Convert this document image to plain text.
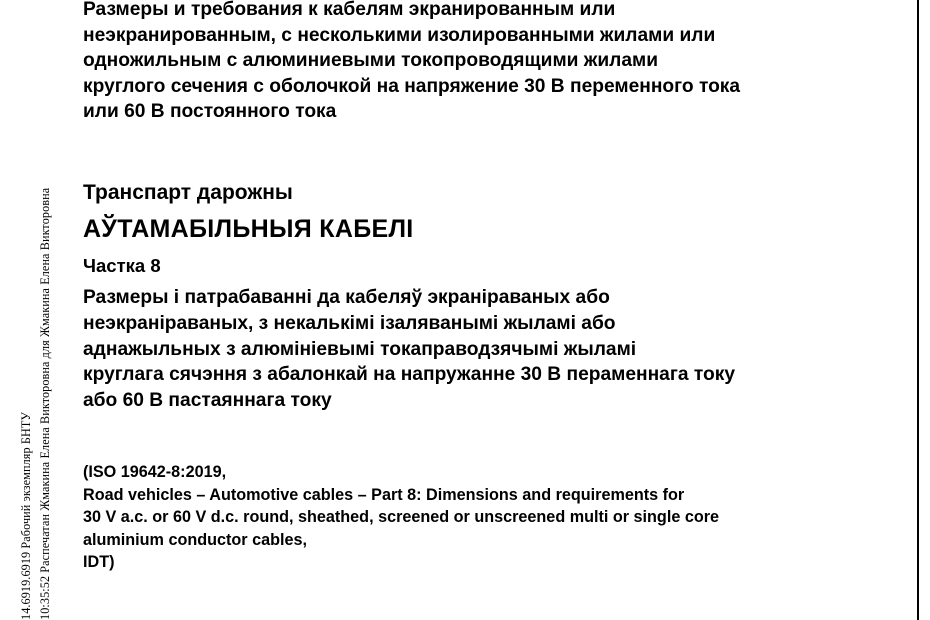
14.6919.6919 Рабочий экземпляр БНТУ 10:35:52 Распечатан Жмакина Елена Викторовна для Жмакина Елена Викторовна
Размеры и требования к кабелям экранированным или
неэкранированным, с несколькими изолированными жилами или
одножильным с алюминиевыми токопроводящими жилами
круглого сечения с оболочкой на напряжение 30 В переменного тока
или 60 В постоянного тока
Транспарт дарожны
АЎТАМАБІЛЬНЫЯ КАБЕЛІ
Частка 8
Размеры і патрабаванні да кабеляў экраніраваных або
неэкраніраваных, з некалькімі ізаляванымі жыламі або
аднажыльных з алюмініевымі токаправодзячымі жыламі
круглага сячэння з абалонкай на напружанне 30 В пераменнага току
або 60 В пастаяннага току
(ISO 19642-8:2019,
Road vehicles – Automotive cables – Part 8: Dimensions and requirements for
30 V a.c. or 60 V d.c. round, sheathed, screened or unscreened multi or single core
aluminium conductor cables,
IDT)
